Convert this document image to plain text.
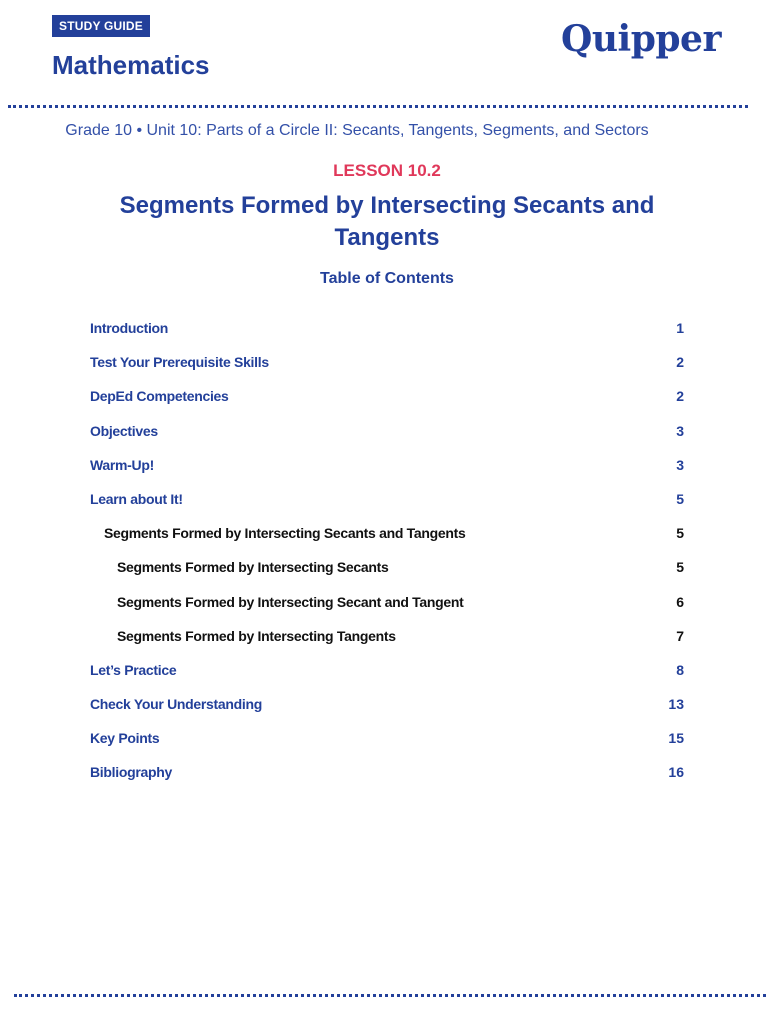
STUDY GUIDE
Mathematics
Quipper
Grade 10 • Unit 10: Parts of a Circle II: Secants, Tangents, Segments, and Sectors
LESSON 10.2
Segments Formed by Intersecting Secants and Tangents
Table of Contents
Introduction	1
Test Your Prerequisite Skills	2
DepEd Competencies	2
Objectives	3
Warm-Up!	3
Learn about It!	5
Segments Formed by Intersecting Secants and Tangents	5
Segments Formed by Intersecting Secants	5
Segments Formed by Intersecting Secant and Tangent	6
Segments Formed by Intersecting Tangents	7
Let’s Practice	8
Check Your Understanding	13
Key Points	15
Bibliography	16
